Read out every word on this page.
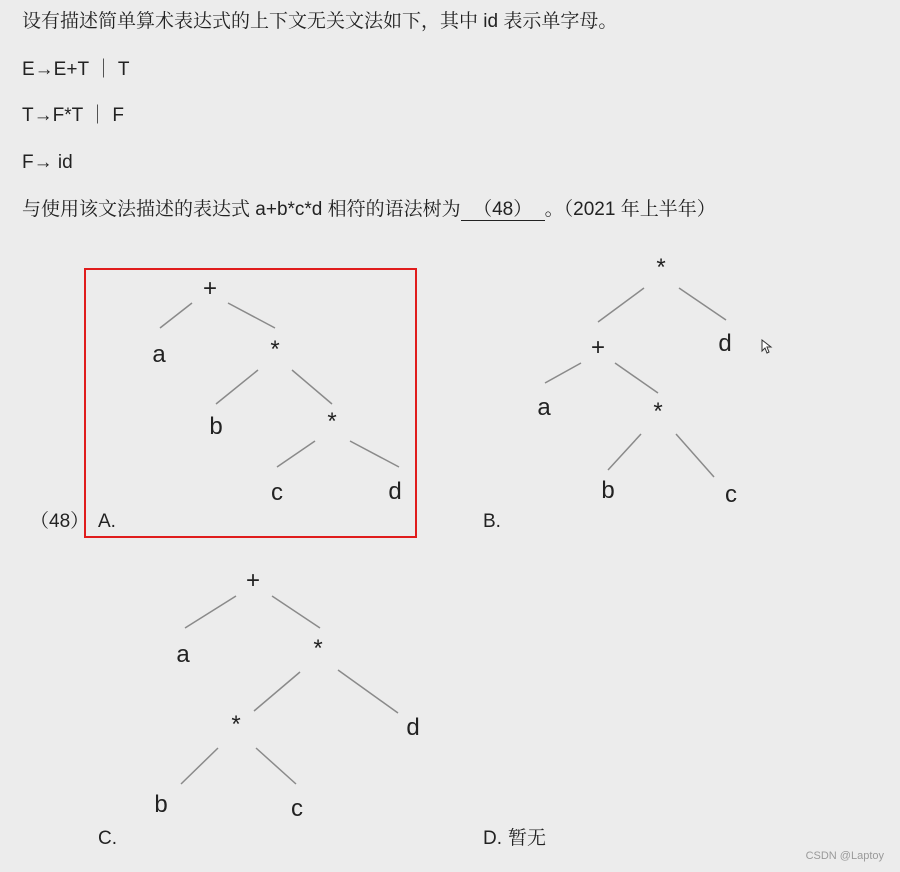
设有描述简单算术表达式的上下文无关文法如下，其中 id 表示单字母。
E→E+T ｜ T
T→F*T ｜ F
F→ id
与使用该文法描述的表达式 a+b*c*d 相符的语法树为 （48） 。（2021 年上半年）
+
a	*
b	*
c	d
*
+	d
a	*
b	c
+
a	*
*	d
b	c
（48） A.	B.
C.	D. 暂无
CSDN @Laptoy
